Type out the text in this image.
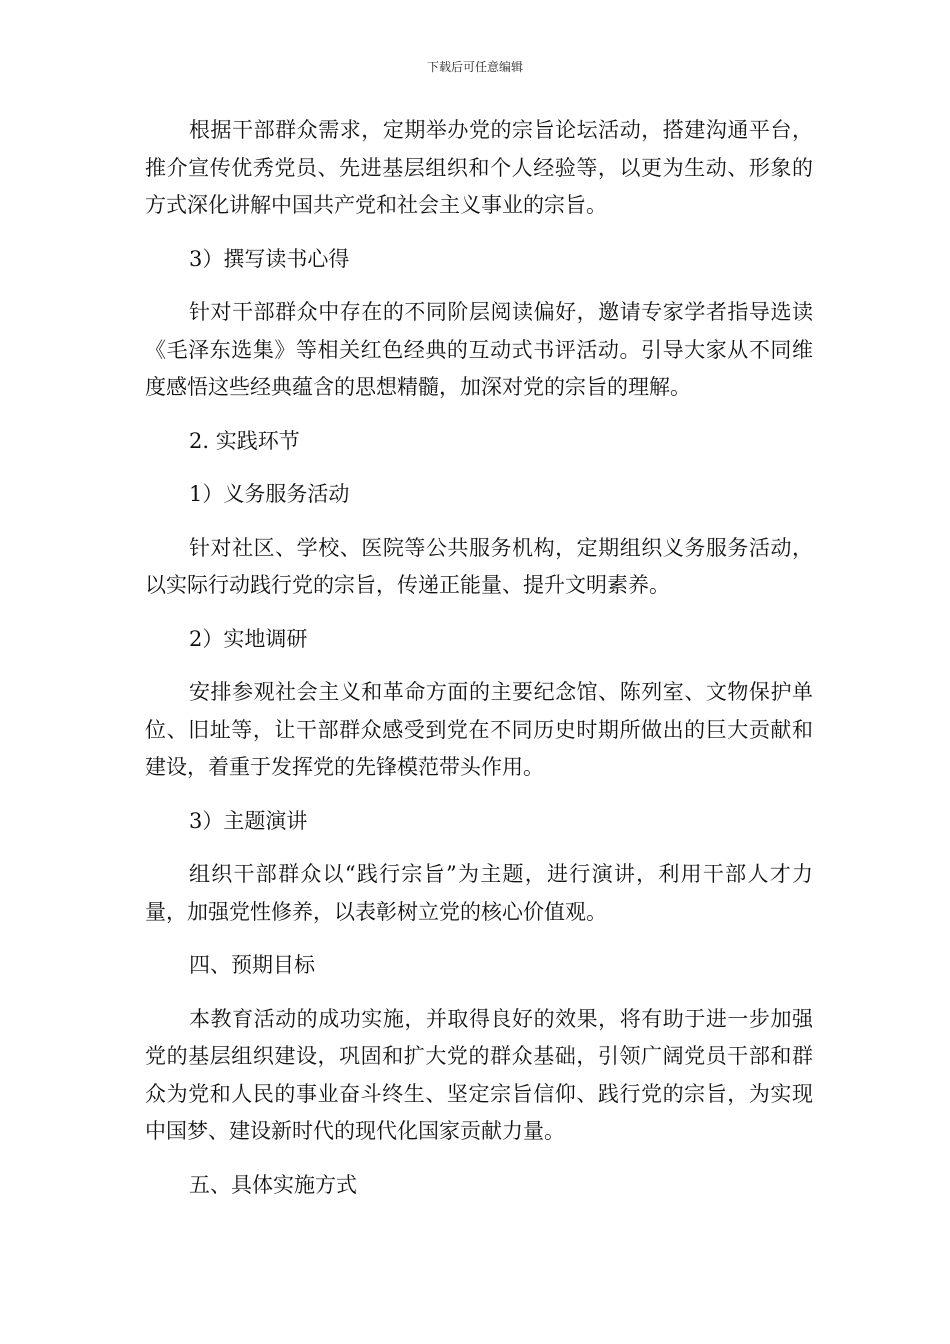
下载后可任意编辑

根据干部群众需求，定期举办党的宗旨论坛活动，搭建沟通平台，推介宣传优秀党员、先进基层组织和个人经验等，以更为生动、形象的方式深化讲解中国共产党和社会主义事业的宗旨。

3）撰写读书心得

针对干部群众中存在的不同阶层阅读偏好，邀请专家学者指导选读《毛泽东选集》等相关红色经典的互动式书评活动。引导大家从不同维度感悟这些经典蕴含的思想精髓，加深对党的宗旨的理解。

2. 实践环节

1）义务服务活动

针对社区、学校、医院等公共服务机构，定期组织义务服务活动，以实际行动践行党的宗旨，传递正能量、提升文明素养。

2）实地调研

安排参观社会主义和革命方面的主要纪念馆、陈列室、文物保护单位、旧址等，让干部群众感受到党在不同历史时期所做出的巨大贡献和建设，着重于发挥党的先锋模范带头作用。

3）主题演讲

组织干部群众以“践行宗旨”为主题，进行演讲，利用干部人才力量，加强党性修养，以表彰树立党的核心价值观。

四、预期目标

本教育活动的成功实施，并取得良好的效果，将有助于进一步加强党的基层组织建设，巩固和扩大党的群众基础，引领广阔党员干部和群众为党和人民的事业奋斗终生、坚定宗旨信仰、践行党的宗旨，为实现中国梦、建设新时代的现代化国家贡献力量。

五、具体实施方式
